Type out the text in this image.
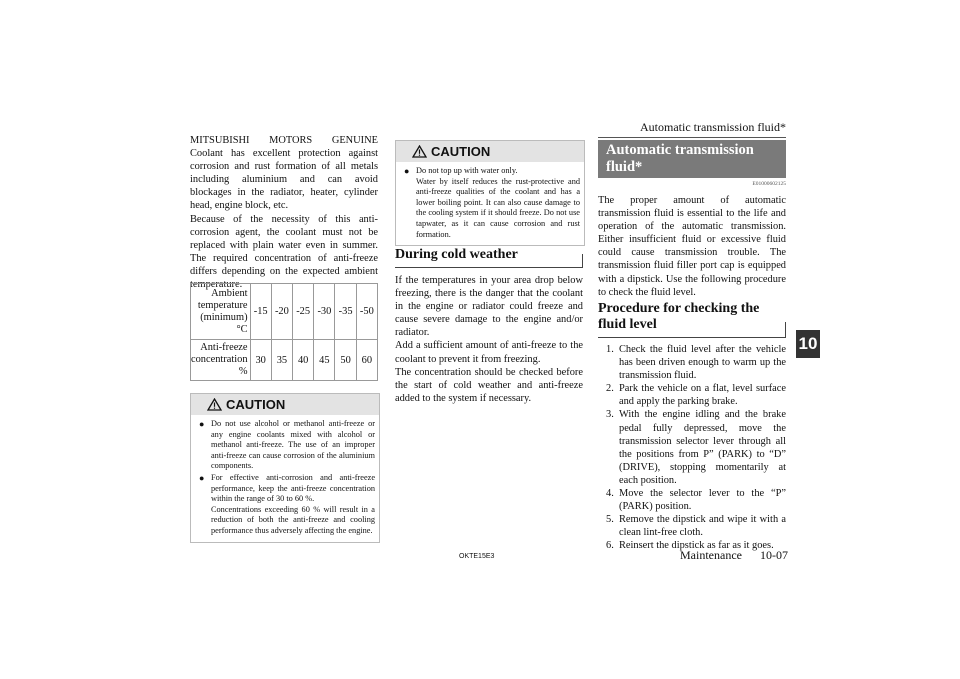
Automatic transmission fluid*
10

MITSUBISHI MOTORS GENUINE Coolant has excellent protection against corrosion and rust formation of all metals including aluminium and can avoid blockages in the radiator, heater, cylinder head, engine block, etc.
Because of the necessity of this anti-corrosion agent, the coolant must not be replaced with plain water even in summer. The required concentration of anti-freeze differs depending on the expected ambient temperature.

Ambient temperature (minimum) °C	-15	-20	-25	-30	-35	-50
Anti-freeze concentration %	30	35	40	45	50	60
CAUTION
● Do not use alcohol or methanol anti-freeze or any engine coolants mixed with alcohol or methanol anti-freeze. The use of an improper anti-freeze can cause corrosion of the aluminium components.
● For effective anti-corrosion and anti-freeze performance, keep the anti-freeze concentration within the range of 30 to 60 %.
Concentrations exceeding 60 % will result in a reduction of both the anti-freeze and cooling performance thus adversely affecting the engine.
CAUTION
● Do not top up with water only.
Water by itself reduces the rust-protective and anti-freeze qualities of the coolant and has a lower boiling point. It can also cause damage to the cooling system if it should freeze. Do not use tapwater, as it can cause corrosion and rust formation.
During cold weather

If the temperatures in your area drop below freezing, there is the danger that the coolant in the engine or radiator could freeze and cause severe damage to the engine and/or radiator.
Add a sufficient amount of anti-freeze to the coolant to prevent it from freezing.
The concentration should be checked before the start of cold weather and anti-freeze added to the system if necessary.

Automatic transmission fluid*
E01000602125

The proper amount of automatic transmission fluid is essential to the life and operation of the automatic transmission. Either insufficient fluid or excessive fluid could cause transmission trouble. The transmission fluid filler port cap is equipped with a dipstick. Use the following procedure to check the fluid level.

Procedure for checking the fluid level
1. Check the fluid level after the vehicle has been driven enough to warm up the transmission fluid.
2. Park the vehicle on a flat, level surface and apply the parking brake.
3. With the engine idling and the brake pedal fully depressed, move the transmission selector lever through all the positions from P” (PARK) to “D” (DRIVE), stopping momentarily at each position.
4. Move the selector lever to the “P” (PARK) position.
5. Remove the dipstick and wipe it with a clean lint-free cloth.
6. Reinsert the dipstick as far as it goes.
OKTE15E3	Maintenance 10-07
